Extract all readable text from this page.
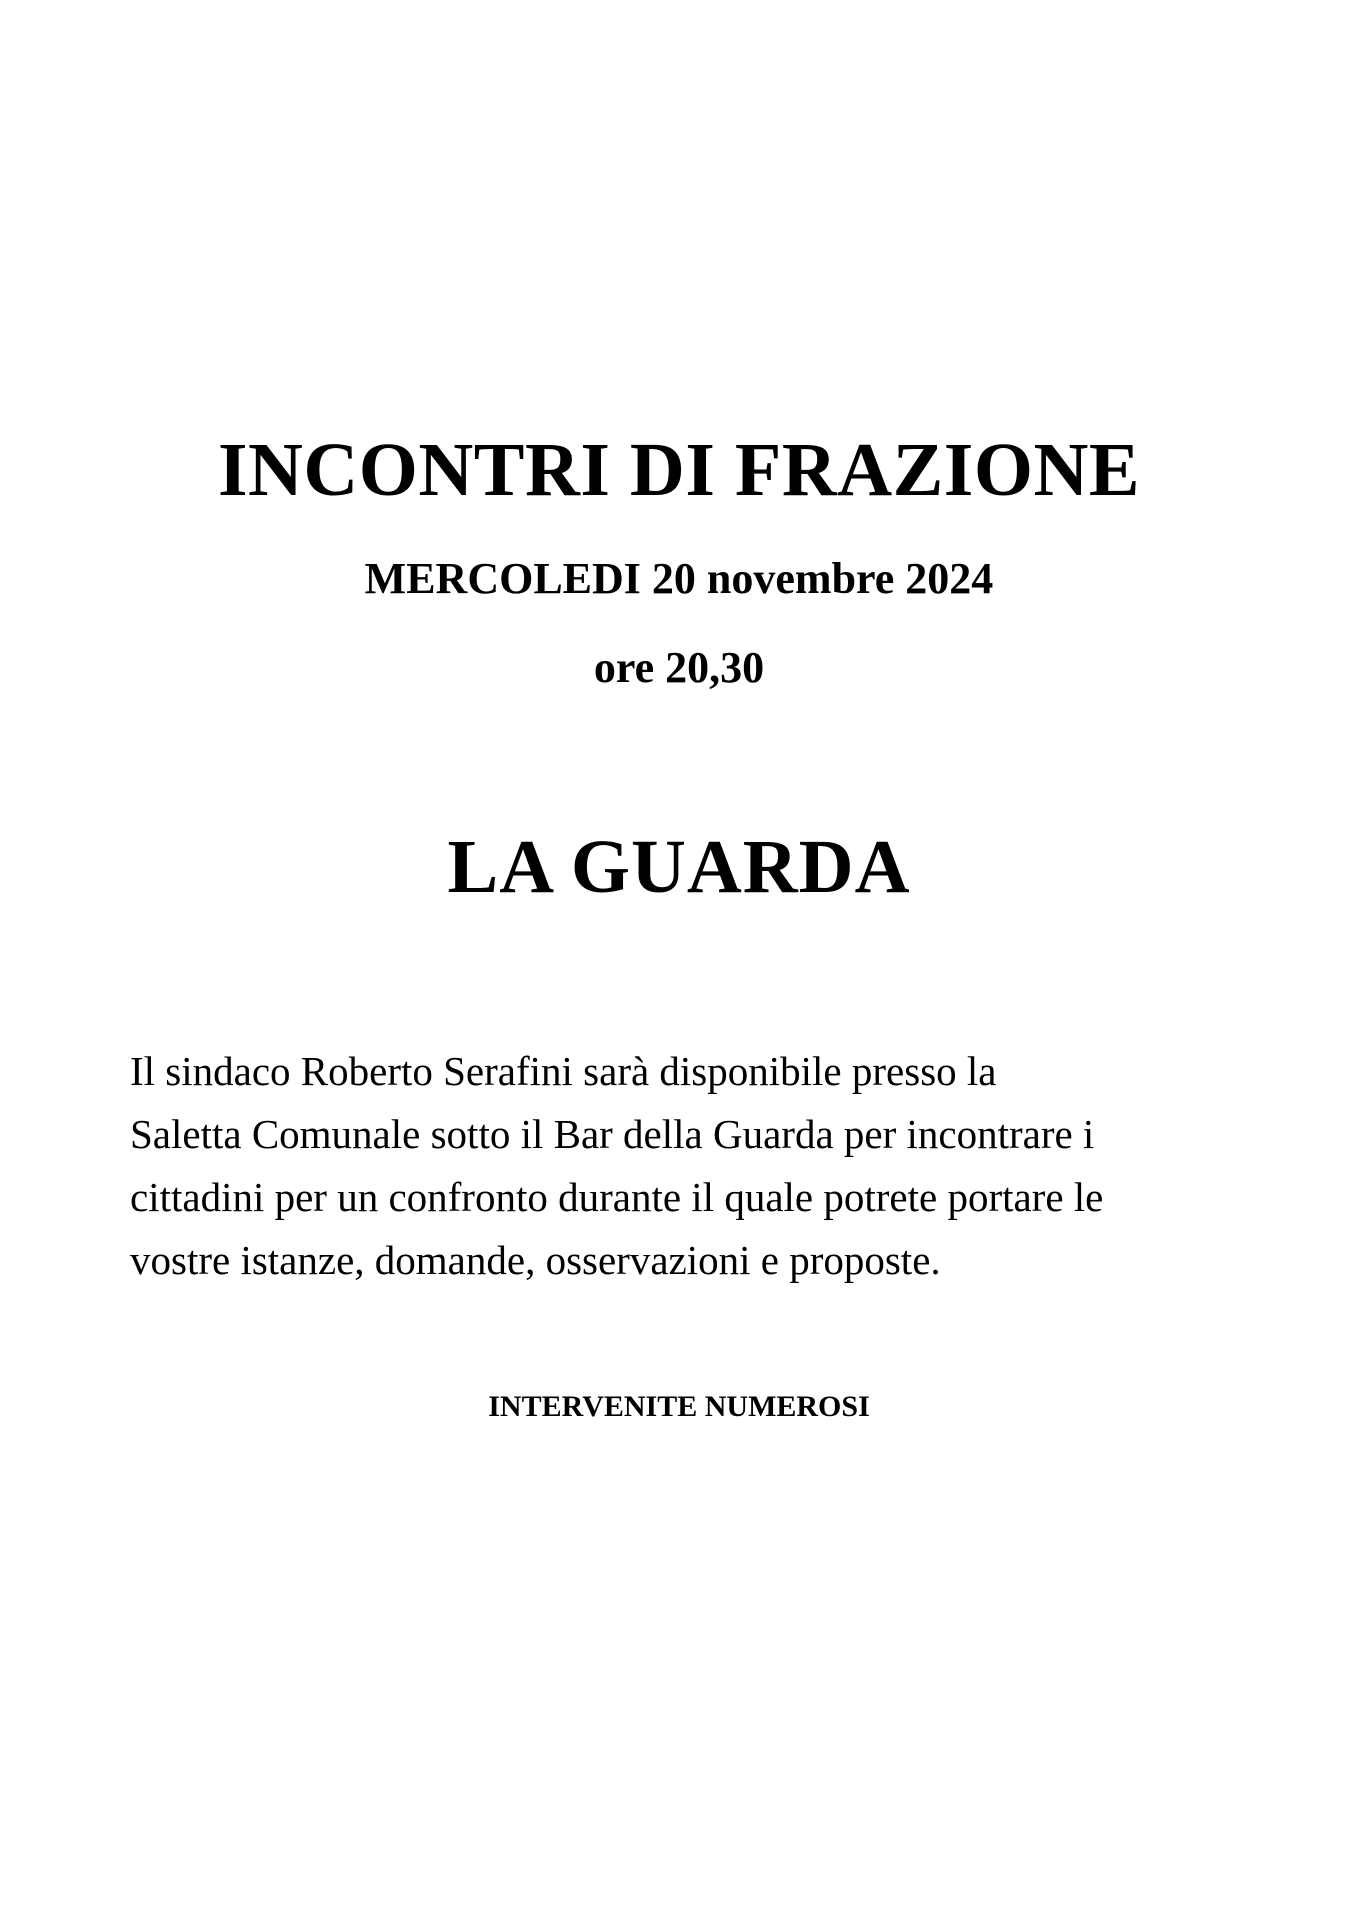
INCONTRI DI FRAZIONE

MERCOLEDI 20 novembre 2024

ore 20,30

LA GUARDA

Il sindaco Roberto Serafini sarà disponibile presso la
Saletta Comunale sotto il Bar della Guarda per incontrare i
cittadini per un confronto durante il quale potrete portare le
vostre istanze, domande, osservazioni e proposte.

INTERVENITE NUMEROSI
